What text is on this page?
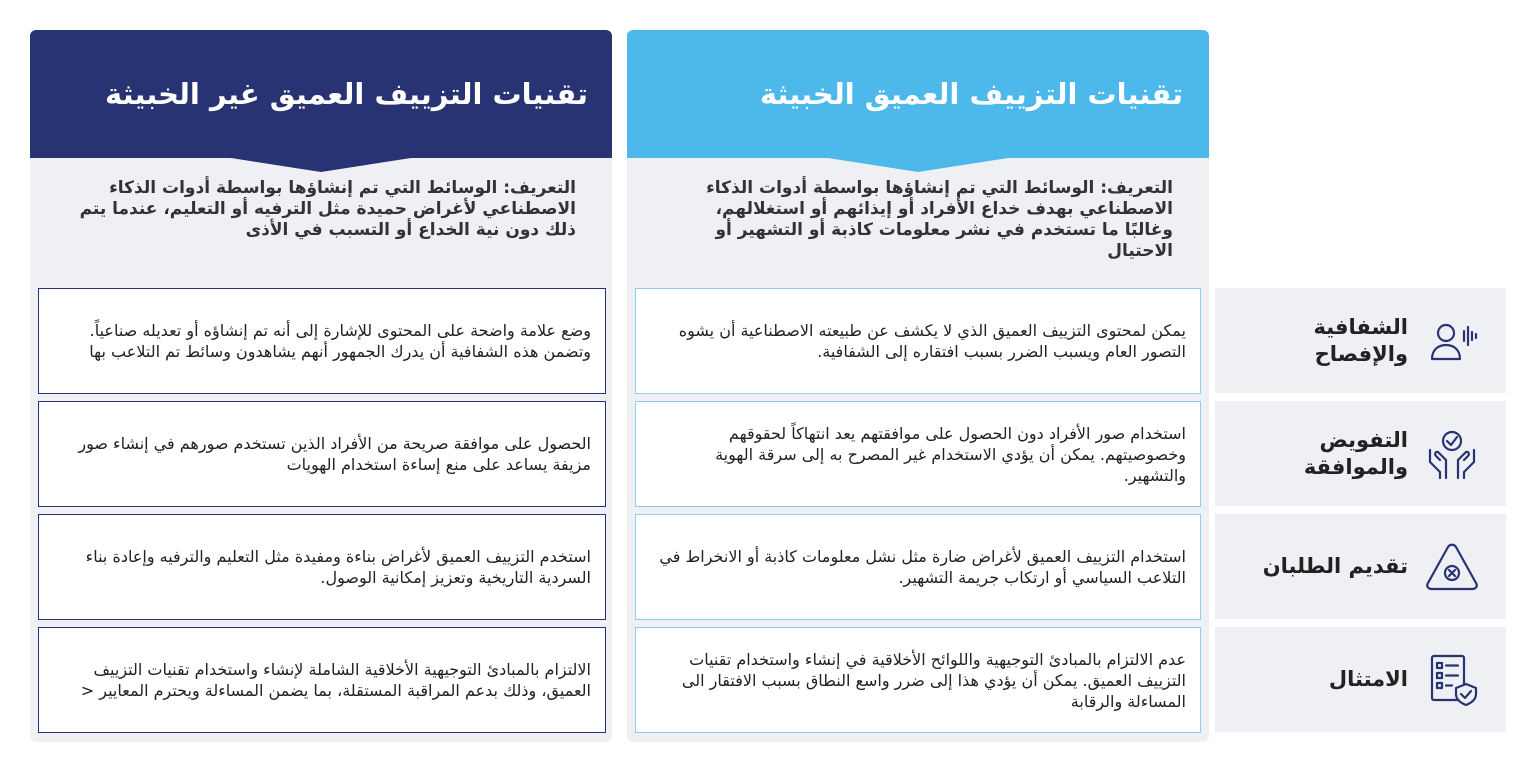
تقنيات التزييف العميق الخبيثة
التعريف: الوسائط التي تم إنشاؤها بواسطة أدوات الذكاء الاصطناعي بهدف خداع الأفراد أو إيذائهم أو استغلالهم، وغالبًا ما تستخدم في نشر معلومات كاذبة أو التشهير أو الاحتيال
يمكن لمحتوى التزييف العميق الذي لا يكشف عن طبيعته الاصطناعية أن يشوه التصور العام ويسبب الضرر بسبب افتقاره إلى الشفافية.
استخدام صور الأفراد دون الحصول على موافقتهم يعد انتهاكاً لحقوقهم وخصوصيتهم. يمكن أن يؤدي الاستخدام غير المصرح به إلى سرقة الهوية والتشهير.
استخدام التزييف العميق لأغراض ضارة مثل نشل معلومات كاذبة أو الانخراط في التلاعب السياسي أو ارتكاب جريمة التشهير.
عدم الالتزام بالمبادئ التوجيهية واللوائح الأخلاقية في إنشاء واستخدام تقنيات التزييف العميق. يمكن أن يؤدي هذا إلى ضرر واسع النطاق بسبب الافتقار الى المساءلة والرقابة
تقنيات التزييف العميق غير الخبيثة
التعريف: الوسائط التي تم إنشاؤها بواسطة أدوات الذكاء الاصطناعي لأغراض حميدة مثل الترفيه أو التعليم، عندما يتم ذلك دون نية الخداع أو التسبب في الأذى
وضع علامة واضحة على المحتوى للإشارة إلى أنه تم إنشاؤه أو تعديله صناعياً. وتضمن هذه الشفافية أن يدرك الجمهور أنهم يشاهدون وسائط تم التلاعب بها
الحصول على موافقة صريحة من الأفراد الذين تستخدم صورهم في إنشاء صور مزيفة يساعد على منع إساءة استخدام الهويات
استخدم التزييف العميق لأغراض بناءة ومفيدة مثل التعليم والترفيه وإعادة بناء السردية التاريخية وتعزيز إمكانية الوصول.
الالتزام بالمبادئ التوجيهية الأخلاقية الشاملة لإنشاء واستخدام تقنيات التزييف العميق، وذلك بدعم المراقبة المستقلة، بما يضمن المساءلة ويحترم المعايير <
الشفافية والإفصاح
التفويض والموافقة
تقديم الطلبان
الامتثال
